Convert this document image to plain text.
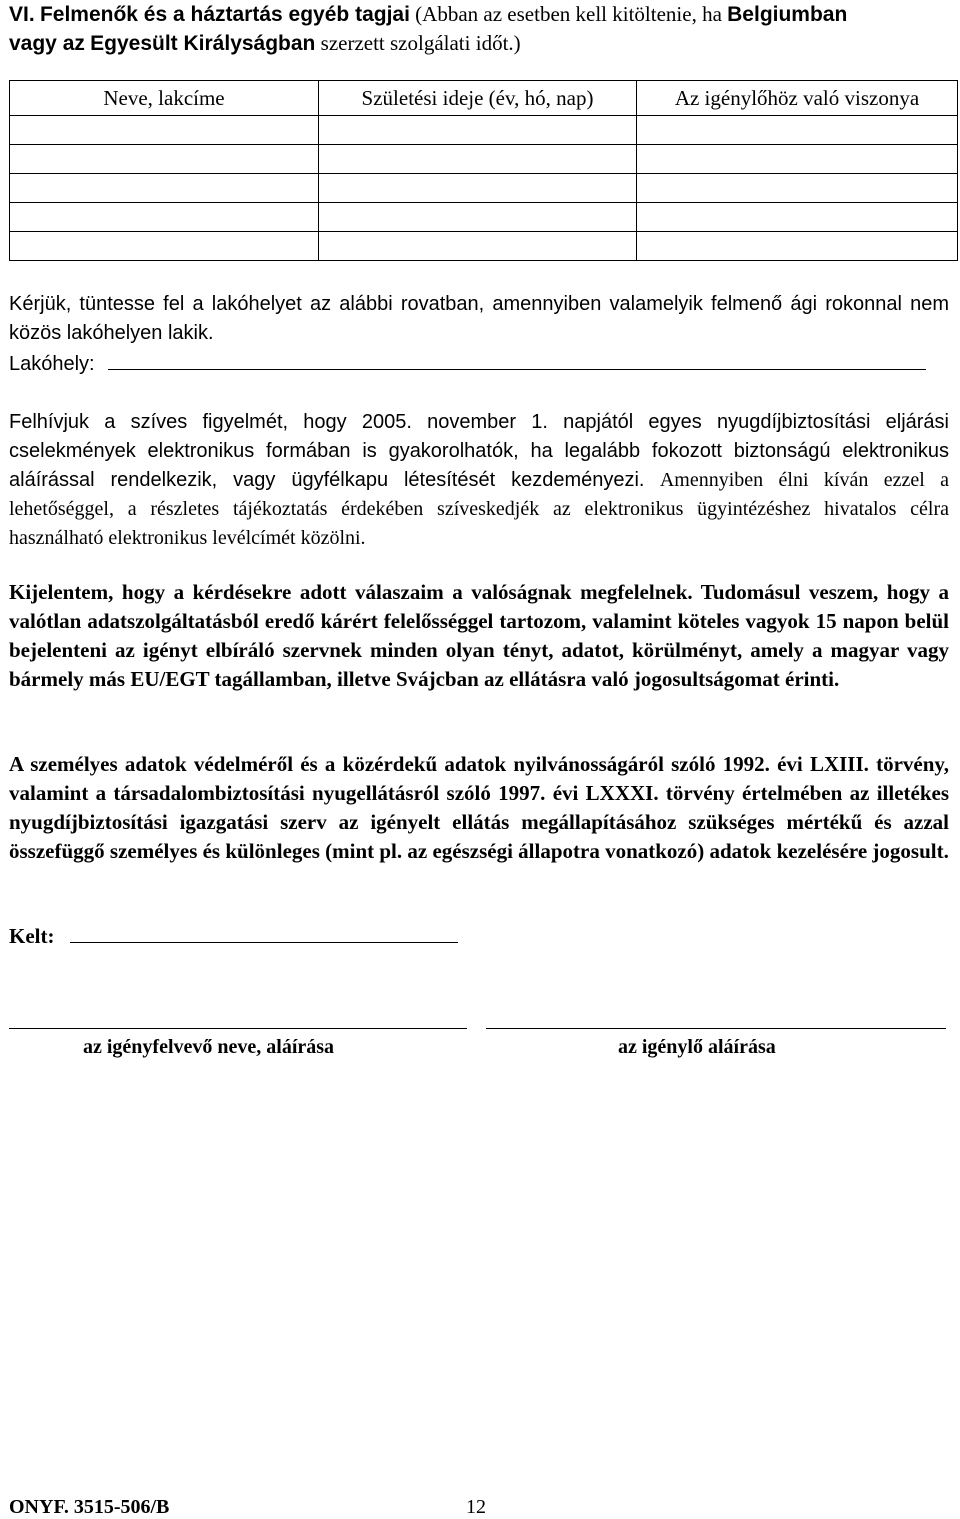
VI. Felmenők és a háztartás egyéb tagjai (Abban az esetben kell kitöltenie, ha Belgiumban
vagy az Egyesült Királyságban szerzett szolgálati időt.)
Neve, lakcíme	Születési ideje (év, hó, nap)	Az igénylőhöz való viszonya

Kérjük, tüntesse fel a lakóhelyet az alábbi rovatban, amennyiben valamelyik felmenő ági rokonnal nem közös lakóhelyen lakik.
Lakóhely:
Felhívjuk a szíves figyelmét, hogy 2005. november 1. napjától egyes nyugdíjbiztosítási eljárási cselekmények elektronikus formában is gyakorolhatók, ha legalább fokozott biztonságú elektronikus aláírással rendelkezik, vagy ügyfélkapu létesítését kezdeményezi. Amennyiben élni kíván ezzel a lehetőséggel, a részletes tájékoztatás érdekében szíveskedjék az elektronikus ügyintézéshez hivatalos célra használható elektronikus levélcímét közölni.
Kijelentem, hogy a kérdésekre adott válaszaim a valóságnak megfelelnek. Tudomásul veszem, hogy a valótlan adatszolgáltatásból eredő kárért felelősséggel tartozom, valamint köteles vagyok 15 napon belül bejelenteni az igényt elbíráló szervnek minden olyan tényt, adatot, körülményt, amely a magyar vagy bármely más EU/EGT tagállamban, illetve Svájcban az ellátásra való jogosultságomat érinti.
A személyes adatok védelméről és a közérdekű adatok nyilvánosságáról szóló 1992. évi LXIII. törvény, valamint a társadalombiztosítási nyugellátásról szóló 1997. évi LXXXI. törvény értelmében az illetékes nyugdíjbiztosítási igazgatási szerv az igényelt ellátás megállapításához szükséges mértékű és azzal összefüggő személyes és különleges (mint pl. az egészségi állapotra vonatkozó) adatok kezelésére jogosult.
Kelt:
az igényfelvevő neve, aláírása	az igénylő aláírása
ONYF. 3515-506/B	12
